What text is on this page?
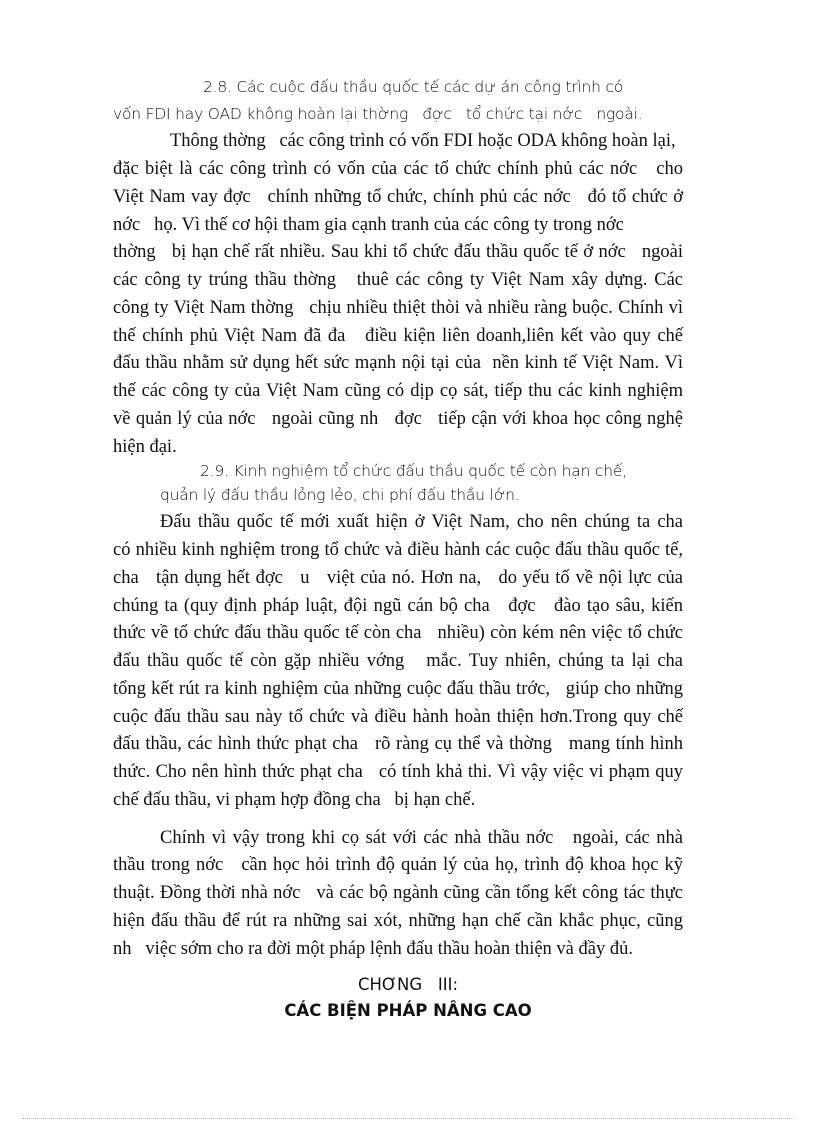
2.8. Các cuộc đấu thầu quốc tế các dự án công trình có
vốn FDI hay OAD không hoàn lại thờng   đợc   tổ chức tại nớc   ngoài.
Thông thờng   các công trình có vốn FDI hoặc ODA không hoàn lại,
đặc biệt là các công trình có vốn của các tổ chức chính phủ các nớc   cho
Việt Nam vay đợc   chính những tổ chức, chính phủ các nớc   đó tổ chức ở
nớc   họ. Vì thế cơ hội tham gia cạnh tranh của các công ty trong nớc
thờng   bị hạn chế rất nhiều. Sau khi tổ chức đấu thầu quốc tế ở nớc   ngoài
các công ty trúng thầu thờng   thuê các công ty Việt Nam xây dựng. Các
công ty Việt Nam thờng   chịu nhiều thiệt thòi và nhiều ràng buộc. Chính vì
thế chính phủ Việt Nam đã đa   điều kiện liên doanh,liên kết vào quy chế
đấu thầu nhằm sử dụng hết sức mạnh nội tại của  nền kinh tế Việt Nam. Vì
thế các công ty của Việt Nam cũng có dịp cọ sát, tiếp thu các kinh nghiệm
về quản lý của nớc   ngoài cũng nh   đợc   tiếp cận với khoa học công nghệ
hiện đại.
2.9. Kinh nghiệm tổ chức đấu thầu quốc tế còn hạn chế,
quản lý đấu thầu lỏng lẻo, chi phí đấu thầu lớn.
Đấu thầu quốc tế mới xuất hiện ở Việt Nam, cho nên chúng ta cha
có nhiều kinh nghiệm trong tổ chức và điều hành các cuộc đấu thầu quốc tế,
cha   tận dụng hết đợc   u   việt của nó. Hơn na,   do yếu tố về nội lực của
chúng ta (quy định pháp luật, đội ngũ cán bộ cha   đợc   đào tạo sâu, kiến
thức về tổ chức đấu thầu quốc tế còn cha   nhiều) còn kém nên việc tổ chức
đấu thầu quốc tế còn gặp nhiều vớng   mắc. Tuy nhiên, chúng ta lại cha
tổng kết rút ra kinh nghiệm của những cuộc đấu thầu trớc,   giúp cho những
cuộc đấu thầu sau này tổ chức và điều hành hoàn thiện hơn.Trong quy chế
đấu thầu, các hình thức phạt cha   rõ ràng cụ thể và thờng   mang tính hình
thức. Cho nên hình thức phạt cha   có tính khả thi. Vì vậy việc vi phạm quy
chế đấu thầu, vi phạm hợp đồng cha   bị hạn chế.
Chính vì vậy trong khi cọ sát với các nhà thầu nớc   ngoài, các nhà
thầu trong nớc   cần học hỏi trình độ quản lý của họ, trình độ khoa học kỹ
thuật. Đồng thời nhà nớc   và các bộ ngành cũng cần tổng kết công tác thực
hiện đấu thầu để rút ra những sai xót, những hạn chế cần khắc phục, cũng
nh   việc sớm cho ra đời một pháp lệnh đấu thầu hoàn thiện và đầy đủ.
CHƠNG   III:
CÁC BIỆN PHÁP NÂNG CAO
